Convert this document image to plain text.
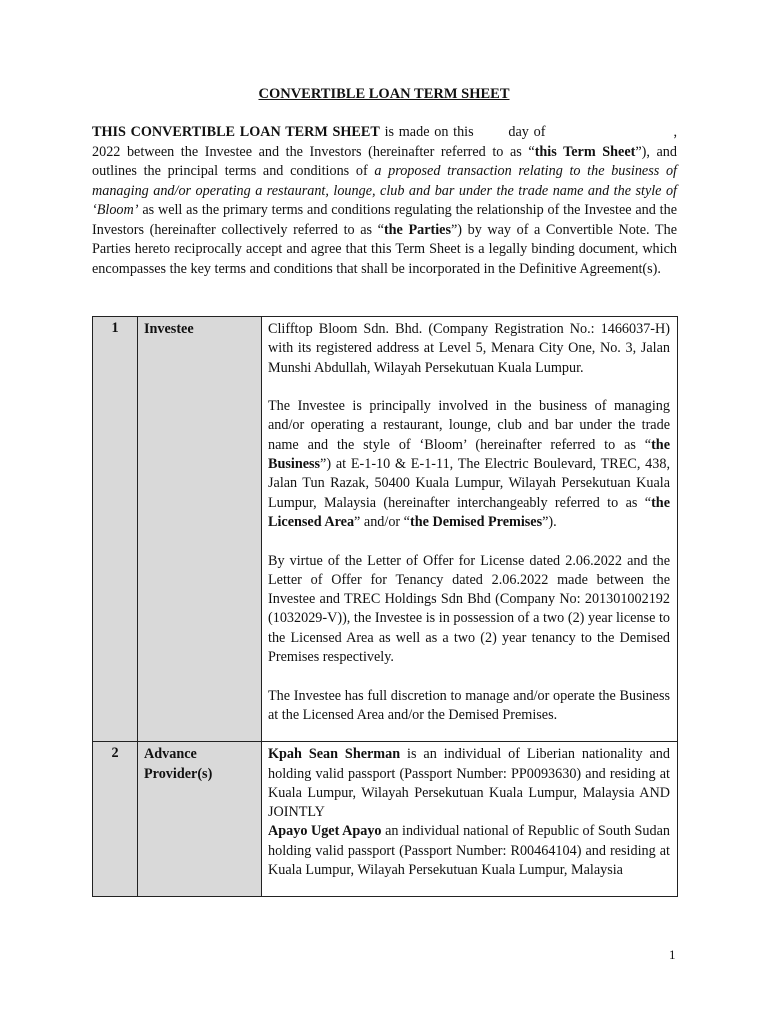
CONVERTIBLE LOAN TERM SHEET

THIS CONVERTIBLE LOAN TERM SHEET is made on this day of	, 2022 between the Investee and the Investors (hereinafter referred to as “this Term Sheet”), and outlines the principal terms and conditions of a proposed transaction relating to the business of managing and/or operating a restaurant, lounge, club and bar under the trade name and the style of ‘Bloom’ as well as the primary terms and conditions regulating the relationship of the Investee and the Investors (hereinafter collectively referred to as “the Parties”) by way of a Convertible Note. The Parties hereto reciprocally accept and agree that this Term Sheet is a legally binding document, which encompasses the key terms and conditions that shall be incorporated in the Definitive Agreement(s).

1	Investee	Clifftop Bloom Sdn. Bhd. (Company Registration No.: 1466037-H) with its registered address at Level 5, Menara City One, No. 3, Jalan Munshi Abdullah, Wilayah Persekutuan Kuala Lumpur.

The Investee is principally involved in the business of managing and/or operating a restaurant, lounge, club and bar under the trade name and the style of ‘Bloom’ (hereinafter referred to as “the Business”) at E-1-10 & E-1-11, The Electric Boulevard, TREC, 438, Jalan Tun Razak, 50400 Kuala Lumpur, Wilayah Persekutuan Kuala Lumpur, Malaysia (hereinafter interchangeably referred to as “the Licensed Area” and/or “the Demised Premises”).

By virtue of the Letter of Offer for License dated 2.06.2022 and the Letter of Offer for Tenancy dated 2.06.2022 made between the Investee and TREC Holdings Sdn Bhd (Company No: 201301002192 (1032029-V)), the Investee is in possession of a two (2) year license to the Licensed Area as well as a two (2) year tenancy to the Demised Premises respectively.

The Investee has full discretion to manage and/or operate the Business at the Licensed Area and/or the Demised Premises.

2	Advance Provider(s)	Kpah Sean Sherman is an individual of Liberian nationality and holding valid passport (Passport Number: PP0093630) and residing at Kuala Lumpur, Wilayah Persekutuan Kuala Lumpur, Malaysia AND JOINTLY
Apayo Uget Apayo an individual national of Republic of South Sudan holding valid passport (Passport Number: R00464104) and residing at Kuala Lumpur, Wilayah Persekutuan Kuala Lumpur, Malaysia
1
